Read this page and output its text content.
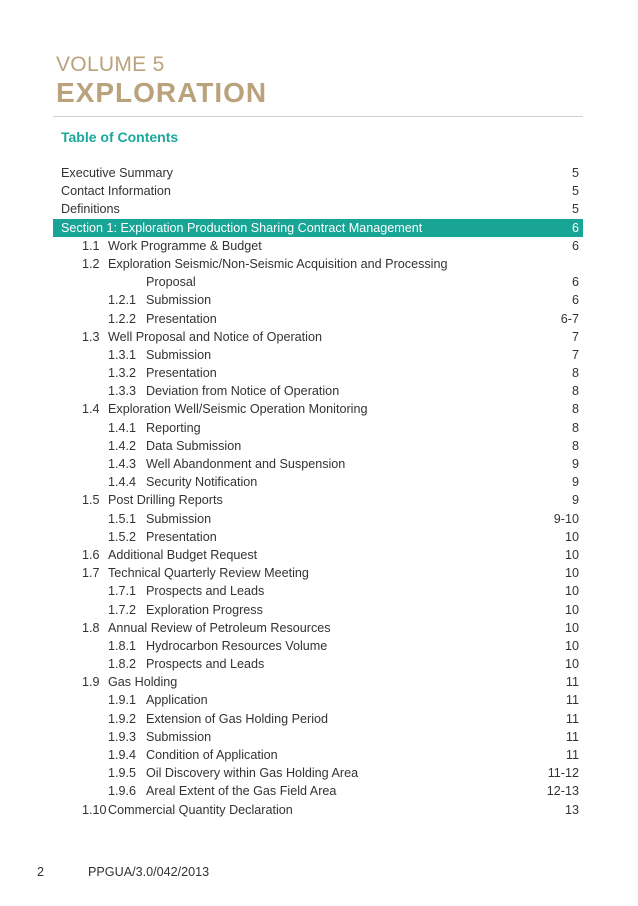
VOLUME 5
EXPLORATION
Table of Contents
Executive Summary	5
Contact Information	5
Definitions	5
Section 1: Exploration Production Sharing Contract Management	6
1.1 Work Programme & Budget	6
1.2 Exploration Seismic/Non-Seismic Acquisition and Processing
Proposal	6
1.2.1 Submission	6
1.2.2 Presentation	6-7
1.3 Well Proposal and Notice of Operation	7
1.3.1 Submission	7
1.3.2 Presentation	8
1.3.3 Deviation from Notice of Operation	8
1.4 Exploration Well/Seismic Operation Monitoring	8
1.4.1 Reporting	8
1.4.2 Data Submission	8
1.4.3 Well Abandonment and Suspension	9
1.4.4 Security Notification	9
1.5 Post Drilling Reports	9
1.5.1 Submission	9-10
1.5.2 Presentation	10
1.6 Additional Budget Request	10
1.7 Technical Quarterly Review Meeting	10
1.7.1 Prospects and Leads	10
1.7.2 Exploration Progress	10
1.8 Annual Review of Petroleum Resources	10
1.8.1 Hydrocarbon Resources Volume	10
1.8.2 Prospects and Leads	10
1.9 Gas Holding	11
1.9.1 Application	11
1.9.2 Extension of Gas Holding Period	11
1.9.3 Submission	11
1.9.4 Condition of Application	11
1.9.5 Oil Discovery within Gas Holding Area	11-12
1.9.6 Areal Extent of the Gas Field Area	12-13
1.10 Commercial Quantity Declaration	13
2	PPGUA/3.0/042/2013
